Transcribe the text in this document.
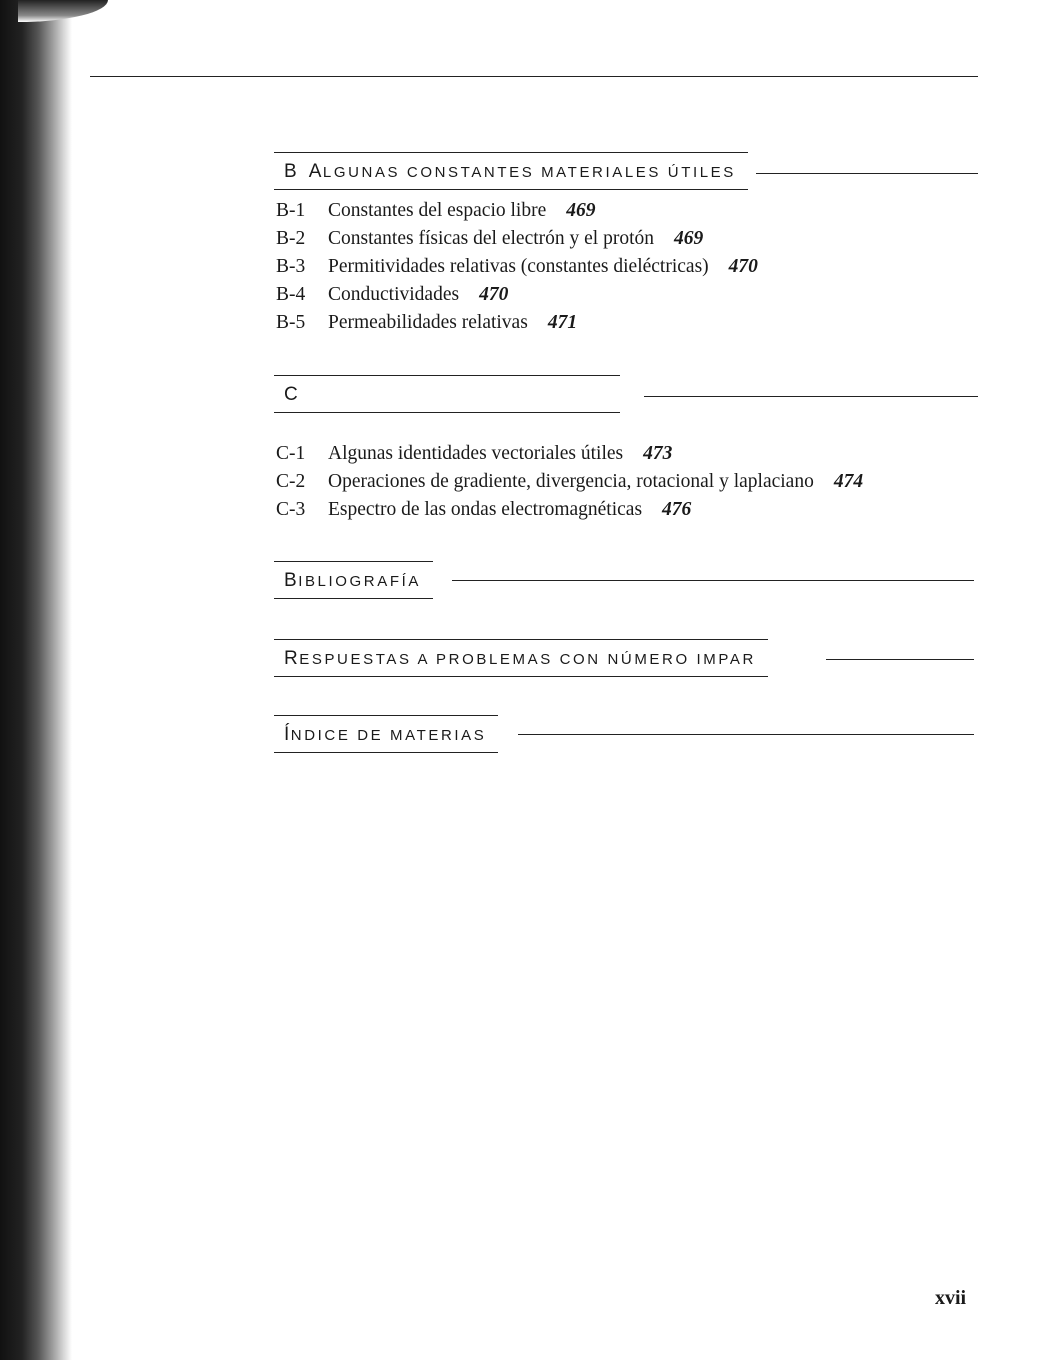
B ALGUNAS CONSTANTES MATERIALES ÚTILES
B-1	Constantes del espacio libre 469
B-2	Constantes físicas del electrón y el protón 469
B-3	Permitividades relativas (constantes dieléctricas) 470
B-4	Conductividades 470
B-5	Permeabilidades relativas 471
C
C-1	Algunas identidades vectoriales útiles 473
C-2	Operaciones de gradiente, divergencia, rotacional y laplaciano 474
C-3	Espectro de las ondas electromagnéticas 476
BIBLIOGRAFÍA
RESPUESTAS A PROBLEMAS CON NÚMERO IMPAR
ÍNDICE DE MATERIAS
xvii
